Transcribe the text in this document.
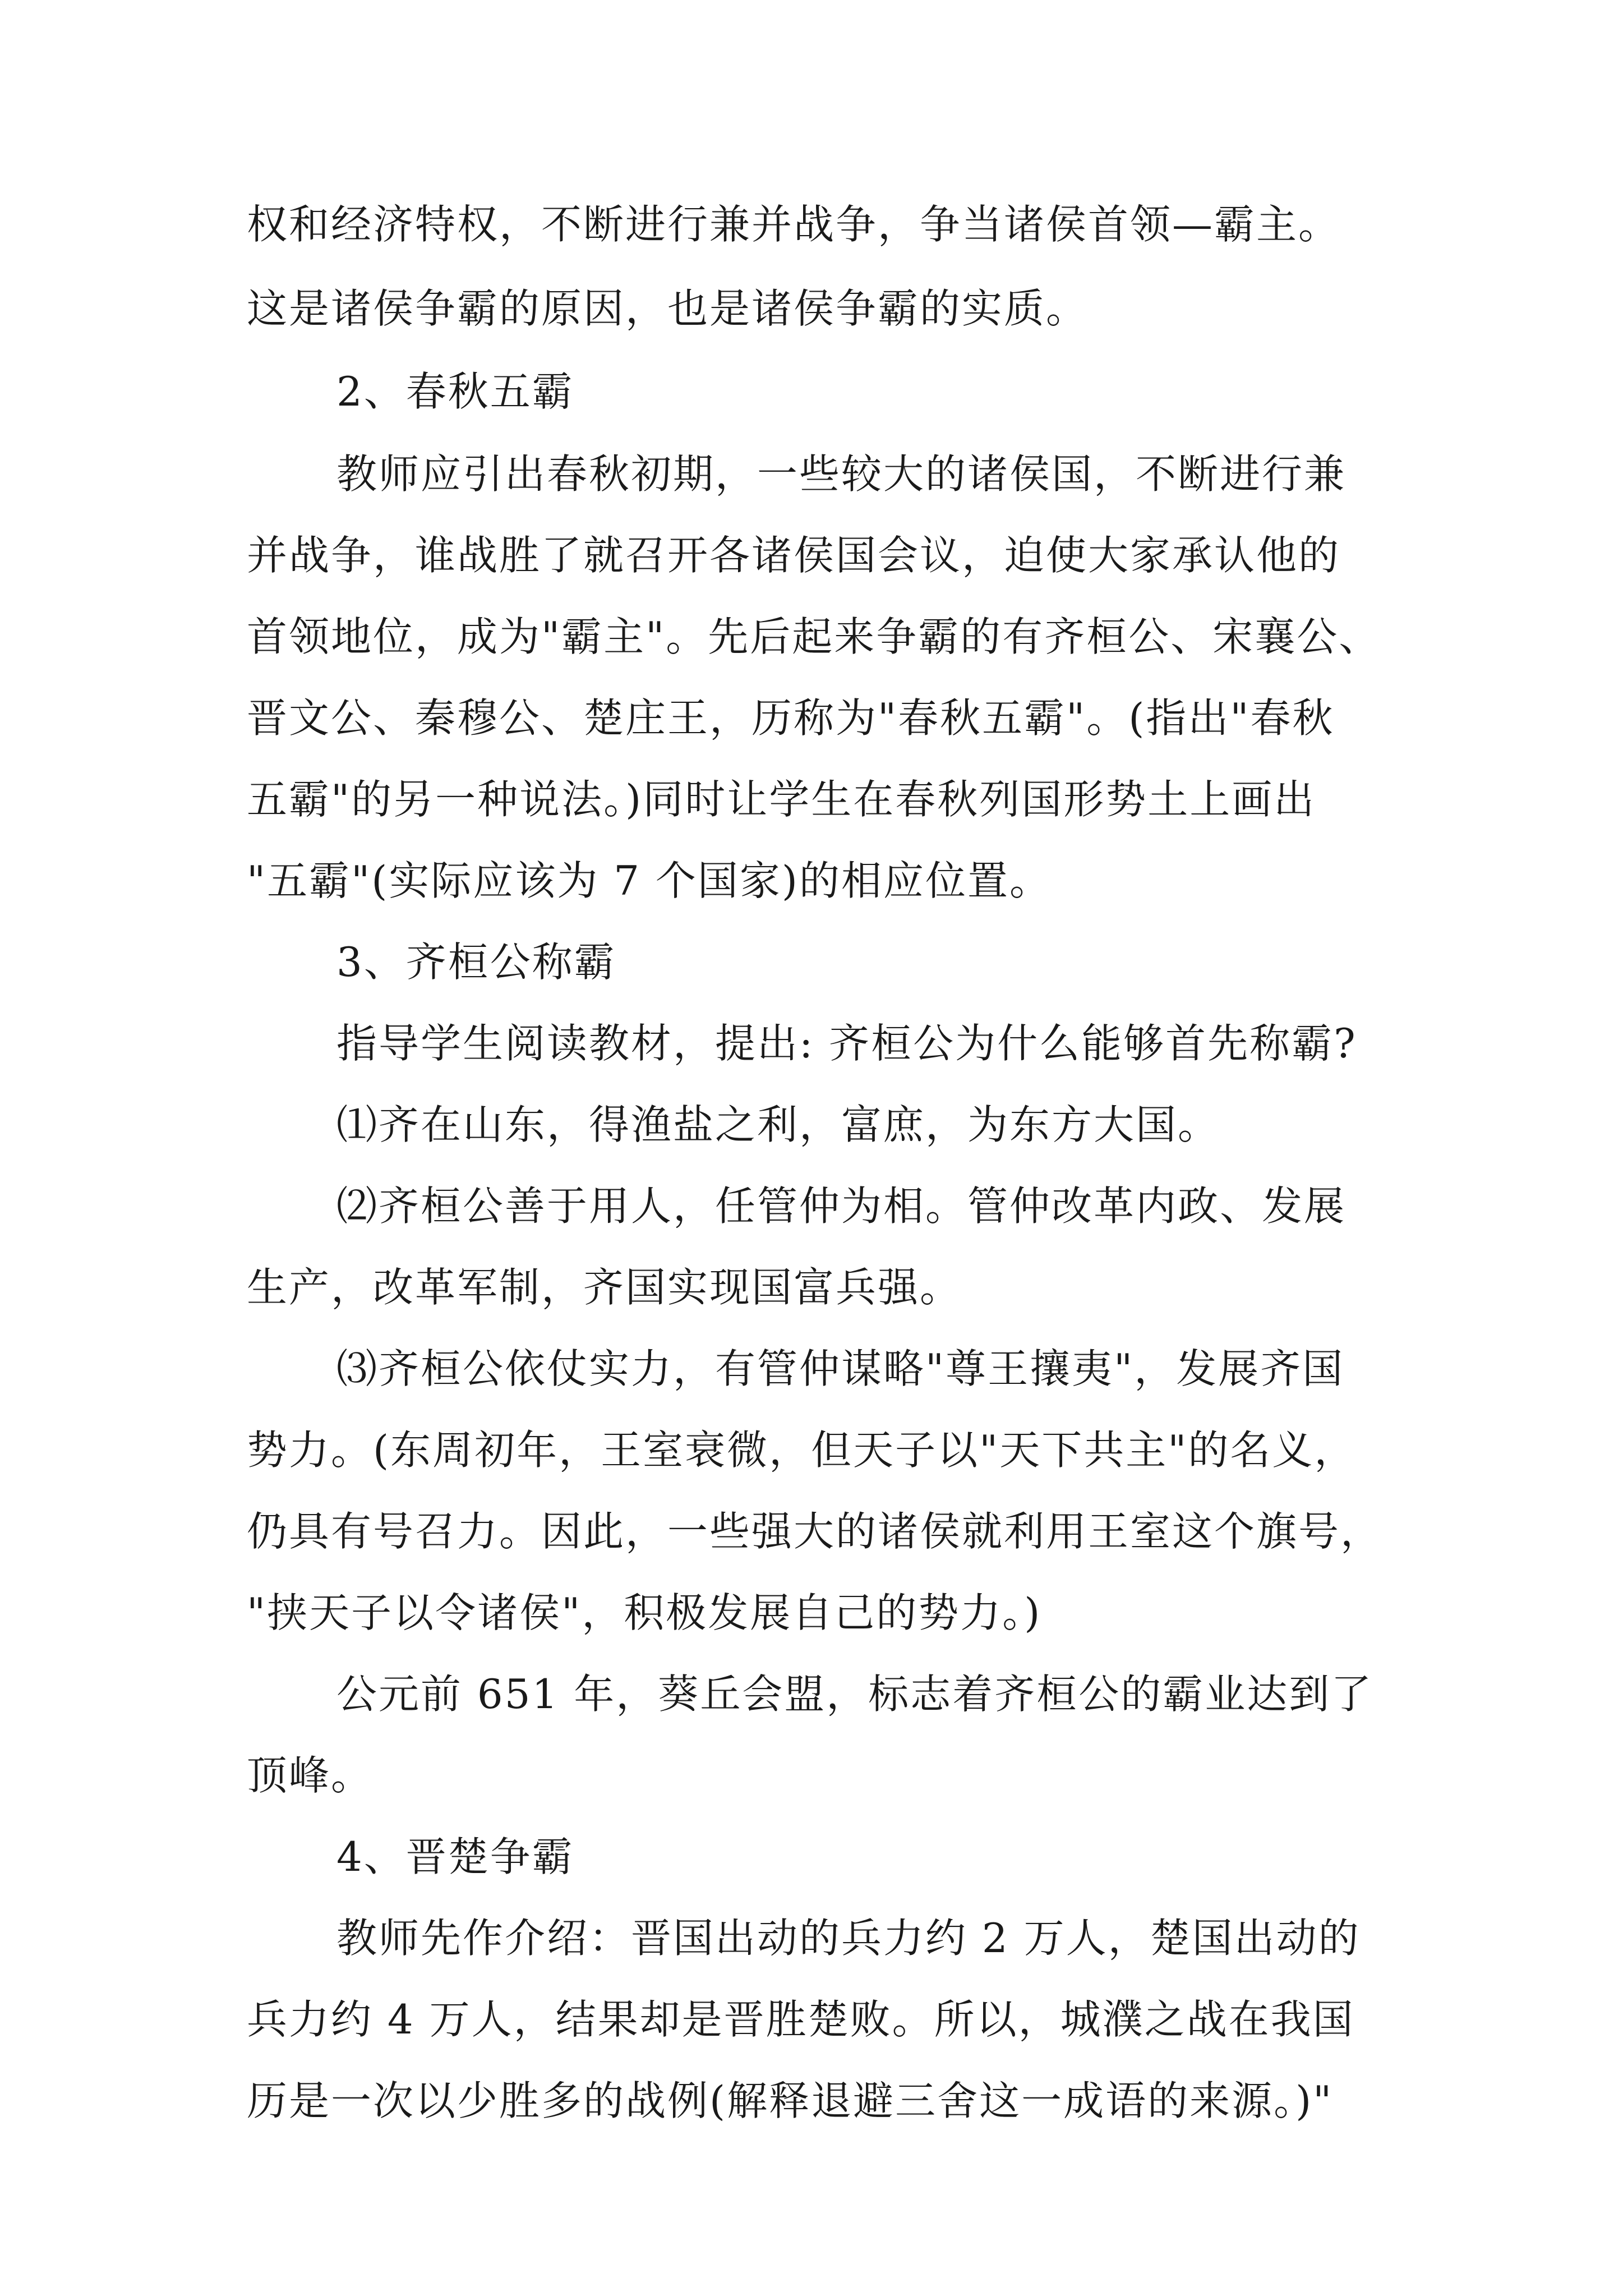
权和经济特权，不断进行兼并战争，争当诸侯首领—霸主。
这是诸侯争霸的原因，也是诸侯争霸的实质。
2、春秋五霸
教师应引出春秋初期，一些较大的诸侯国，不断进行兼
并战争，谁战胜了就召开各诸侯国会议，迫使大家承认他的
首领地位，成为"霸主"。先后起来争霸的有齐桓公、宋襄公、
晋文公、秦穆公、楚庄王，历称为"春秋五霸"。(指出"春秋
五霸"的另一种说法。)同时让学生在春秋列国形势土上画出
"五霸"(实际应该为 7 个国家)的相应位置。
3、齐桓公称霸
指导学生阅读教材，提出: 齐桓公为什么能够首先称霸?
⑴齐在山东，得渔盐之利，富庶，为东方大国。
⑵齐桓公善于用人，任管仲为相。管仲改革内政、发展
生产，改革军制，齐国实现国富兵强。
⑶齐桓公依仗实力，有管仲谋略"尊王攘夷"，发展齐国
势力。(东周初年，王室衰微，但天子以"天下共主"的名义，
仍具有号召力。因此，一些强大的诸侯就利用王室这个旗号，
"挟天子以令诸侯"，积极发展自己的势力。)
公元前 651 年，葵丘会盟，标志着齐桓公的霸业达到了
顶峰。
4、晋楚争霸
教师先作介绍：晋国出动的兵力约 2 万人，楚国出动的
兵力约 4 万人，结果却是晋胜楚败。所以，城濮之战在我国
历是一次以少胜多的战例(解释退避三舍这一成语的来源。)"
